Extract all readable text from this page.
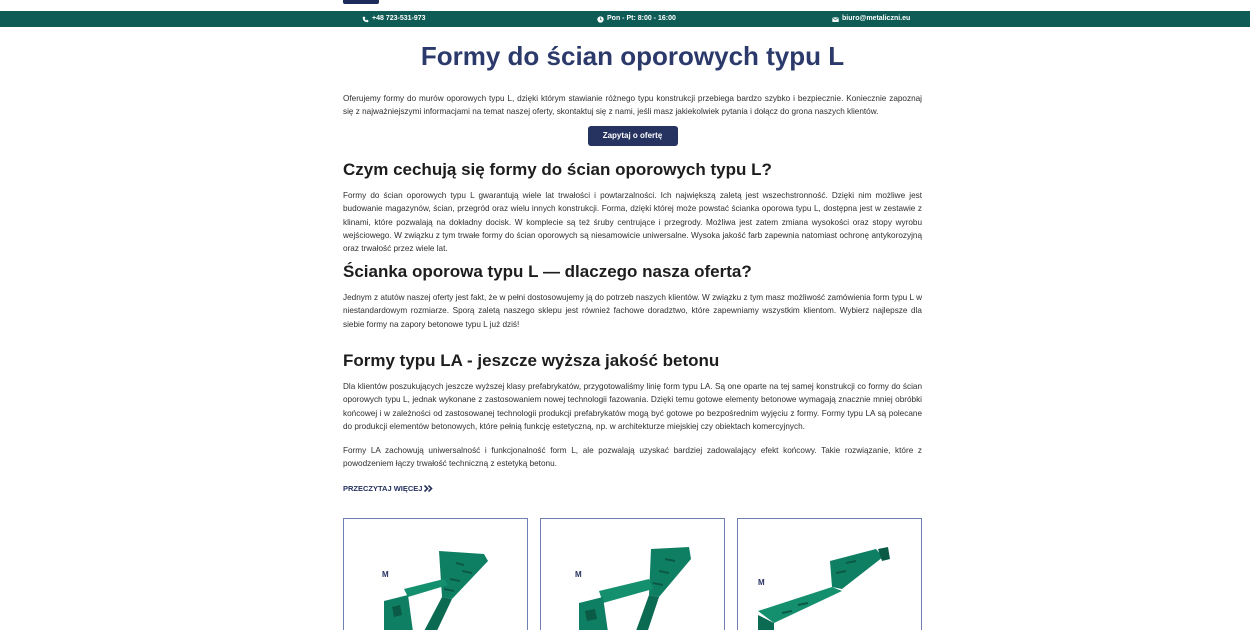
+48 723-531-973	Pon - Pt: 8:00 - 16:00	biuro@metaliczni.eu
Formy do ścian oporowych typu L

Oferujemy formy do murów oporowych typu L, dzięki którym stawianie różnego typu konstrukcji przebiega bardzo szybko i bezpiecznie. Koniecznie zapoznaj się z najważniejszymi informacjami na temat naszej oferty, skontaktuj się z nami, jeśli masz jakiekolwiek pytania i dołącz do grona naszych klientów.

Zapytaj o ofertę
Czym cechują się formy do ścian oporowych typu L?

Formy do ścian oporowych typu L gwarantują wiele lat trwałości i powtarzalności. Ich największą zaletą jest wszechstronność. Dzięki nim możliwe jest budowanie magazynów, ścian, przegród oraz wielu innych konstrukcji. Forma, dzięki której może powstać ścianka oporowa typu L, dostępna jest w zestawie z klinami, które pozwalają na dokładny docisk. W komplecie są też śruby centrujące i przegrody. Możliwa jest zatem zmiana wysokości oraz stopy wyrobu wejściowego. W związku z tym trwałe formy do ścian oporowych są niesamowicie uniwersalne. Wysoka jakość farb zapewnia natomiast ochronę antykorozyjną oraz trwałość przez wiele lat.

Ścianka oporowa typu L — dlaczego nasza oferta?

Jednym z atutów naszej oferty jest fakt, że w pełni dostosowujemy ją do potrzeb naszych klientów. W związku z tym masz możliwość zamówienia form typu L w niestandardowym rozmiarze. Sporą zaletą naszego sklepu jest również fachowe doradztwo, które zapewniamy wszystkim klientom. Wybierz najlepsze dla siebie formy na zapory betonowe typu L już dziś!

Formy typu LA - jeszcze wyższa jakość betonu

Dla klientów poszukujących jeszcze wyższej klasy prefabrykatów, przygotowaliśmy linię form typu LA. Są one oparte na tej samej konstrukcji co formy do ścian oporowych typu L, jednak wykonane z zastosowaniem nowej technologii fazowania. Dzięki temu gotowe elementy betonowe wymagają znacznie mniej obróbki końcowej i w zależności od zastosowanej technologii produkcji prefabrykatów mogą być gotowe po bezpośrednim wyjęciu z formy. Formy typu LA są polecane do produkcji elementów betonowych, które pełnią funkcję estetyczną, np. w architekturze miejskiej czy obiektach komercyjnych.

Formy LA zachowują uniwersalność i funkcjonalność form L, ale pozwalają uzyskać bardziej zadowalający efekt końcowy. Takie rozwiązanie, które z powodzeniem łączy trwałość techniczną z estetyką betonu.

PRZECZYTAJ WIĘCEJ
M	M
M
